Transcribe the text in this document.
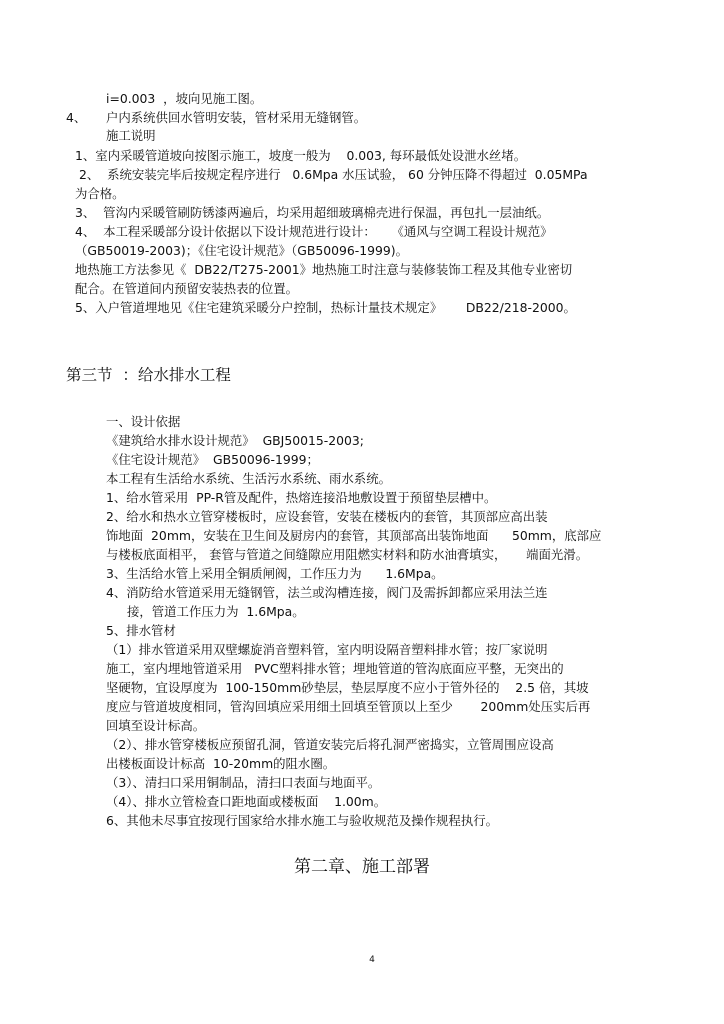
i=0.003  ，坡向见施工图。
4、 户内系统供回水管明安装，管材采用无缝钢管。
施工说明
1、室内采暖管道坡向按图示施工，坡度一般为    0.003, 每环最低处设泄水丝堵。
2、  系统安装完毕后按规定程序进行   0.6Mpa 水压试验， 60 分钟压降不得超过  0.05MPa
为合格。
3、  管沟内采暖管刷防锈漆两遍后，均采用超细玻璃棉壳进行保温，再包扎一层油纸。
4、  本工程采暖部分设计依据以下设计规范进行设计：    《通风与空调工程设计规范》
（GB50019-2003)；《住宅设计规范》（GB50096-1999)。
地热施工方法参见《  DB22/T275-2001》地热施工时注意与装修装饰工程及其他专业密切
配合。在管道间内预留安装热表的位置。
5、入户管道埋地见《住宅建筑采暖分户控制，热标计量技术规定》      DB22/218-2000。
第三节  ：给水排水工程
一、设计依据
《建筑给水排水设计规范》  GBJ50015-2003;
《住宅设计规范》  GB50096-1999；
本工程有生活给水系统、生活污水系统、雨水系统。
1、给水管采用  PP-R管及配件，热熔连接沿地敷设置于预留垫层槽中。
2、给水和热水立管穿楼板时，应设套管，安装在楼板内的套管，其顶部应高出装
饰地面  20mm，安装在卫生间及厨房内的套管，其顶部高出装饰地面      50mm，底部应
与楼板底面相平， 套管与管道之间缝隙应用阻燃实材料和防水油膏填实，     端面光滑。
3、生活给水管上采用全铜质闸阀，工作压力为      1.6Mpa。
4、消防给水管道采用无缝钢管，法兰或沟槽连接，阀门及需拆卸都应采用法兰连
接，管道工作压力为  1.6Mpa。
5、排水管材
（1）排水管道采用双壁螺旋消音塑料管，室内明设隔音塑料排水管；按厂家说明
施工，室内埋地管道采用   PVC塑料排水管；埋地管道的管沟底面应平整，无突出的
坚硬物，宜设厚度为  100-150mm砂垫层，垫层厚度不应小于管外径的    2.5 倍，其坡
度应与管道坡度相同，管沟回填应采用细土回填至管顶以上至少       200mm处压实后再
回填至设计标高。
（2）、排水管穿楼板应预留孔洞，管道安装完后将孔洞严密捣实，立管周围应设高
出楼板面设计标高  10-20mm的阻水圈。
（3）、清扫口采用铜制品，清扫口表面与地面平。
（4）、排水立管检查口距地面或楼板面    1.00m。
6、其他未尽事宜按现行国家给水排水施工与验收规范及操作规程执行。
第二章、施工部署
4
